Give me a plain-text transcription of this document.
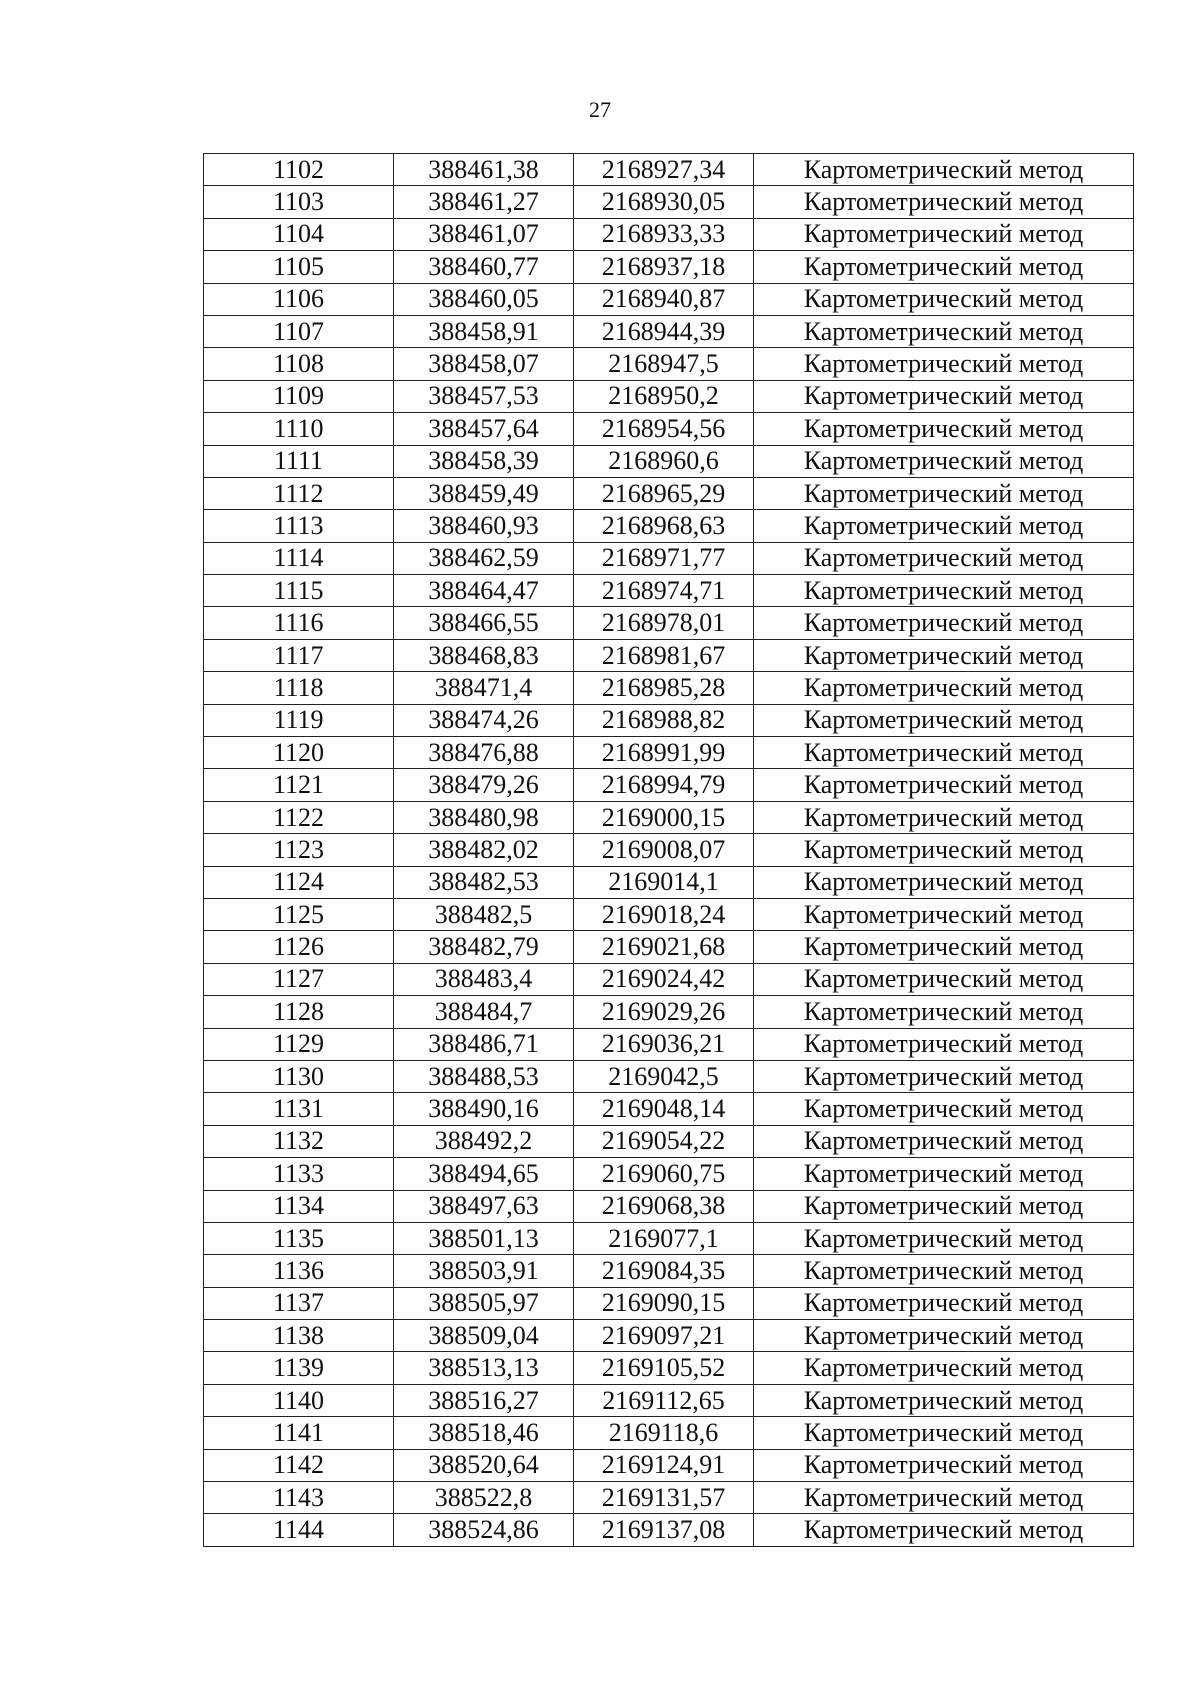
27
1102	388461,38	2168927,34	Картометрический метод
1103	388461,27	2168930,05	Картометрический метод
1104	388461,07	2168933,33	Картометрический метод
1105	388460,77	2168937,18	Картометрический метод
1106	388460,05	2168940,87	Картометрический метод
1107	388458,91	2168944,39	Картометрический метод
1108	388458,07	2168947,5	Картометрический метод
1109	388457,53	2168950,2	Картометрический метод
1110	388457,64	2168954,56	Картометрический метод
1111	388458,39	2168960,6	Картометрический метод
1112	388459,49	2168965,29	Картометрический метод
1113	388460,93	2168968,63	Картометрический метод
1114	388462,59	2168971,77	Картометрический метод
1115	388464,47	2168974,71	Картометрический метод
1116	388466,55	2168978,01	Картометрический метод
1117	388468,83	2168981,67	Картометрический метод
1118	388471,4	2168985,28	Картометрический метод
1119	388474,26	2168988,82	Картометрический метод
1120	388476,88	2168991,99	Картометрический метод
1121	388479,26	2168994,79	Картометрический метод
1122	388480,98	2169000,15	Картометрический метод
1123	388482,02	2169008,07	Картометрический метод
1124	388482,53	2169014,1	Картометрический метод
1125	388482,5	2169018,24	Картометрический метод
1126	388482,79	2169021,68	Картометрический метод
1127	388483,4	2169024,42	Картометрический метод
1128	388484,7	2169029,26	Картометрический метод
1129	388486,71	2169036,21	Картометрический метод
1130	388488,53	2169042,5	Картометрический метод
1131	388490,16	2169048,14	Картометрический метод
1132	388492,2	2169054,22	Картометрический метод
1133	388494,65	2169060,75	Картометрический метод
1134	388497,63	2169068,38	Картометрический метод
1135	388501,13	2169077,1	Картометрический метод
1136	388503,91	2169084,35	Картометрический метод
1137	388505,97	2169090,15	Картометрический метод
1138	388509,04	2169097,21	Картометрический метод
1139	388513,13	2169105,52	Картометрический метод
1140	388516,27	2169112,65	Картометрический метод
1141	388518,46	2169118,6	Картометрический метод
1142	388520,64	2169124,91	Картометрический метод
1143	388522,8	2169131,57	Картометрический метод
1144	388524,86	2169137,08	Картометрический метод
